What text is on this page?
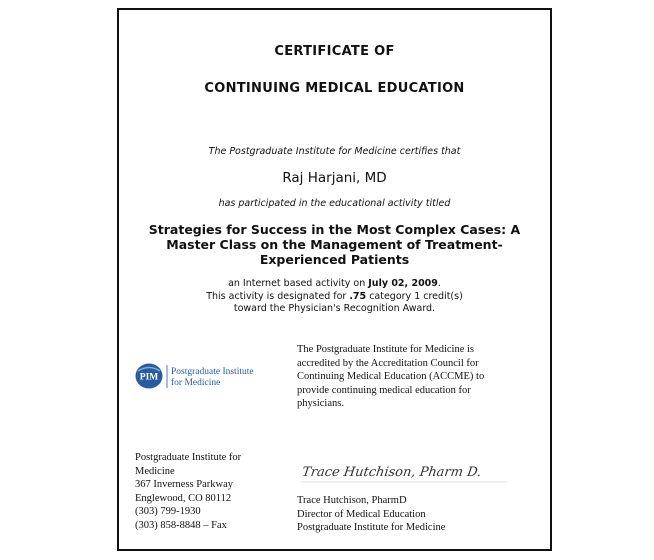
CERTIFICATE OF
CONTINUING MEDICAL EDUCATION
The Postgraduate Institute for Medicine certifies that
Raj Harjani, MD
has participated in the educational activity titled
Strategies for Success in the Most Complex Cases: A
Master Class on the Management of Treatment-
Experienced Patients
an Internet based activity on July 02, 2009.
This activity is designated for .75 category 1 credit(s)
toward the Physician's Recognition Award.
PIM
Postgraduate Institute
for Medicine
The Postgraduate Institute for Medicine is
accredited by the Accreditation Council for
Continuing Medical Education (ACCME) to
provide continuing medical education for
physicians.
Postgraduate Institute for
Medicine
367 Inverness Parkway
Englewood, CO 80112
(303) 799-1930
(303) 858-8848 – Fax
Trace Hutchison, Pharm D.
Trace Hutchison, PharmD
Director of Medical Education
Postgraduate Institute for Medicine
